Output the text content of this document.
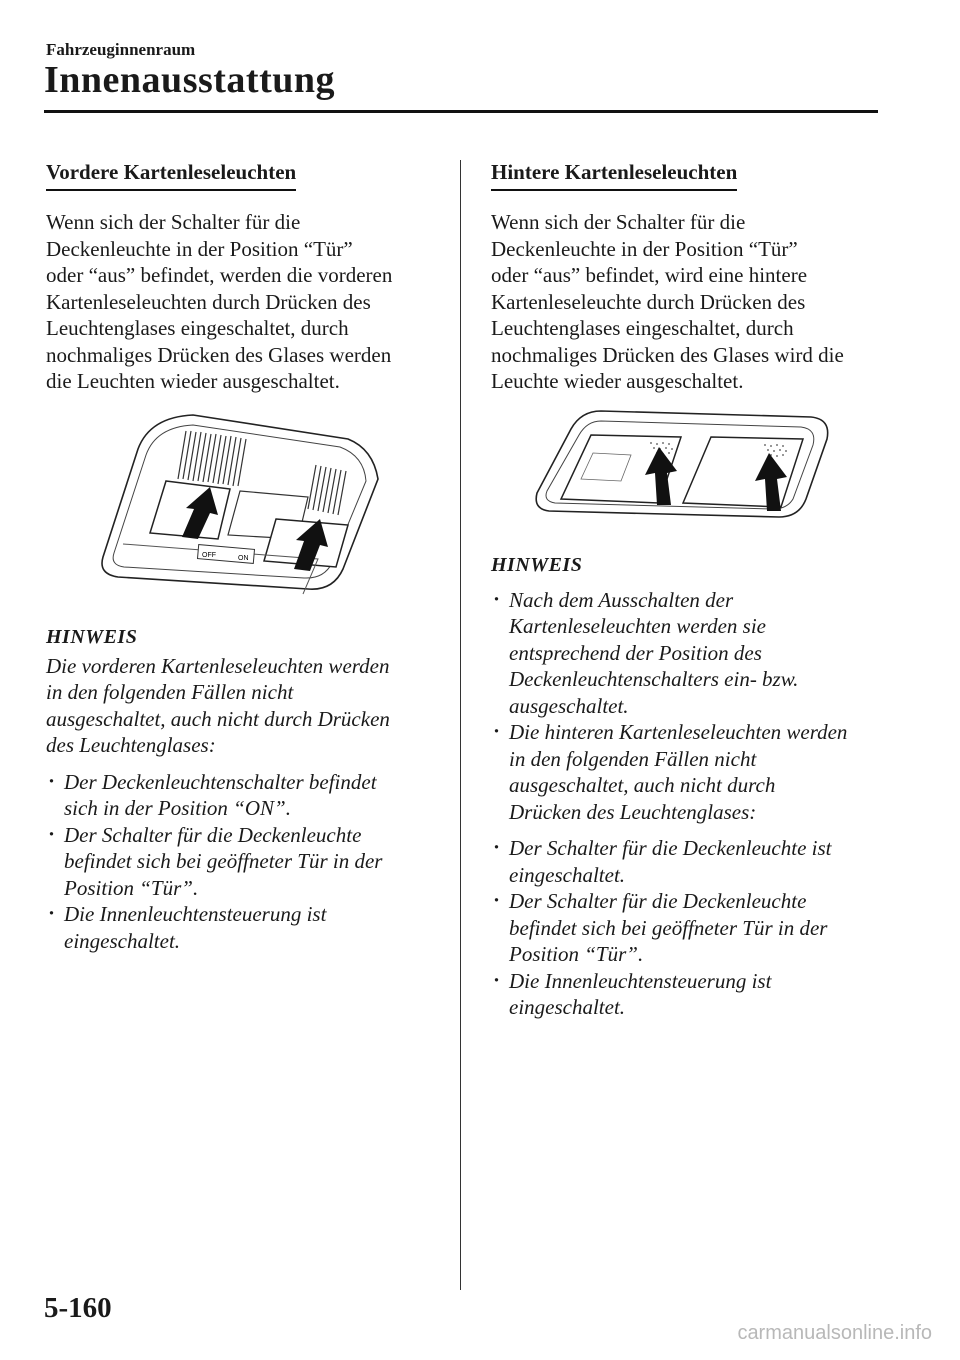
Fahrzeuginnenraum
Innenausstattung
Vordere Kartenleseleuchten

Wenn sich der Schalter für die
Deckenleuchte in der Position “Tür”
oder “aus” befindet, werden die vorderen
Kartenleseleuchten durch Drücken des
Leuchtenglases eingeschaltet, durch
nochmaliges Drücken des Glases werden
die Leuchten wieder ausgeschaltet.

OFF	ON

HINWEIS

Die vorderen Kartenleseleuchten werden
in den folgenden Fällen nicht
ausgeschaltet, auch nicht durch Drücken
des Leuchtenglases:

· Der Deckenleuchtenschalter befindet
sich in der Position “ON”.
· Der Schalter für die Deckenleuchte
befindet sich bei geöffneter Tür in der
Position “Tür”.
· Die Innenleuchtensteuerung ist
eingeschaltet.
Hintere Kartenleseleuchten

Wenn sich der Schalter für die
Deckenleuchte in der Position “Tür”
oder “aus” befindet, wird eine hintere
Kartenleseleuchte durch Drücken des
Leuchtenglases eingeschaltet, durch
nochmaliges Drücken des Glases wird die
Leuchte wieder ausgeschaltet.

HINWEIS

· Nach dem Ausschalten der
Kartenleseleuchten werden sie
entsprechend der Position des
Deckenleuchtenschalters ein- bzw.
ausgeschaltet.
· Die hinteren Kartenleseleuchten werden
in den folgenden Fällen nicht
ausgeschaltet, auch nicht durch
Drücken des Leuchtenglases:
· Der Schalter für die Deckenleuchte ist
eingeschaltet.
· Der Schalter für die Deckenleuchte
befindet sich bei geöffneter Tür in der
Position “Tür”.
· Die Innenleuchtensteuerung ist
eingeschaltet.
5-160
carmanualsonline.info
